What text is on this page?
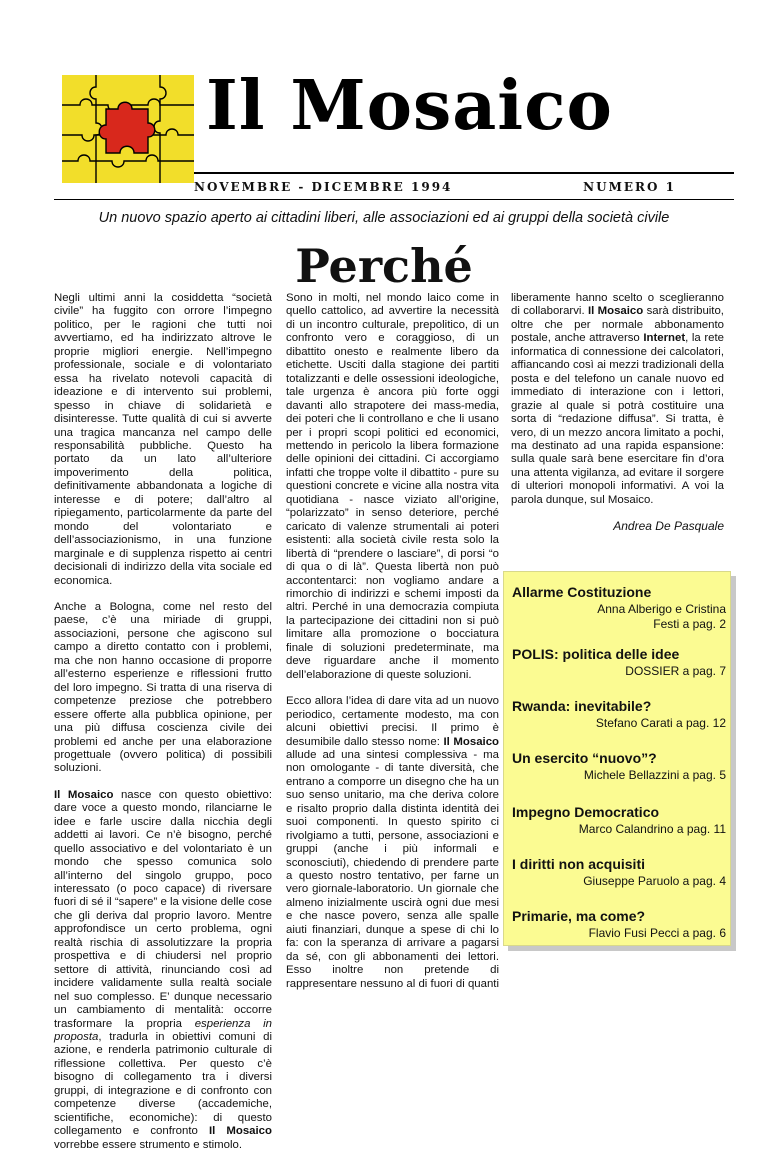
Il Mosaico
NOVEMBRE - DICEMBRE 1994	NUMERO 1
Un nuovo spazio aperto ai cittadini liberi, alle associazioni ed ai gruppi della società civile
Perché

Negli ultimi anni la cosiddetta “società civile” ha fuggito con orrore l’impegno politico, per le ragioni che tutti noi avvertiamo, ed ha indirizzato altrove le proprie migliori energie. Nell’impegno professionale, sociale e di volontariato essa ha rivelato notevoli capacità di ideazione e di intervento sui problemi, spesso in chiave di solidarietà e disinteresse. Tutte qualità di cui si avverte una tragica mancanza nel campo delle responsabilità pubbliche. Questo ha portato da un lato all’ulteriore impoverimento della politica, definitivamente abbandonata a logiche di interesse e di potere; dall’altro al ripiegamento, particolarmente da parte del mondo del volontariato e dell’associazionismo, in una funzione marginale e di supplenza rispetto ai centri decisionali di indirizzo della vita sociale ed economica.

Anche a Bologna, come nel resto del paese, c’è una miriade di gruppi, associazioni, persone che agiscono sul campo a diretto contatto con i problemi, ma che non hanno occasione di proporre all’esterno esperienze e riflessioni frutto del loro impegno. Si tratta di una riserva di competenze preziose che potrebbero essere offerte alla pubblica opinione, per una più diffusa coscienza civile dei problemi ed anche per una elaborazione progettuale (ovvero politica) di possibili soluzioni.

Il Mosaico nasce con questo obiettivo: dare voce a questo mondo, rilanciarne le idee e farle uscire dalla nicchia degli addetti ai lavori. Ce n’è bisogno, perché quello associativo e del volontariato è un mondo che spesso comunica solo all’interno del singolo gruppo, poco interessato (o poco capace) di riversare fuori di sé il “sapere” e la visione delle cose che gli deriva dal proprio lavoro. Mentre approfondisce un certo problema, ogni realtà rischia di assolutizzare la propria prospettiva e di chiudersi nel proprio settore di attività, rinunciando così ad incidere validamente sulla realtà sociale nel suo complesso. E’ dunque necessario un cambiamento di mentalità: occorre trasformare la propria esperienza in proposta, tradurla in obiettivi comuni di azione, e renderla patrimonio culturale di riflessione collettiva. Per questo c’è bisogno di collegamento tra i diversi gruppi, di integrazione e di confronto con competenze diverse (accademiche, scientifiche, economiche): di questo collegamento e confronto Il Mosaico vorrebbe essere strumento e stimolo.

Sono in molti, nel mondo laico come in quello cattolico, ad avvertire la necessità di un incontro culturale, prepolitico, di un confronto vero e coraggioso, di un dibattito onesto e realmente libero da etichette. Usciti dalla stagione dei partiti totalizzanti e delle ossessioni ideologiche, tale urgenza è ancora più forte oggi davanti allo strapotere dei mass-media, dei poteri che li controllano e che li usano per i propri scopi politici ed economici, mettendo in pericolo la libera formazione delle opinioni dei cittadini. Ci accorgiamo infatti che troppe volte il dibattito - pure su questioni concrete e vicine alla nostra vita quotidiana - nasce viziato all’origine, “polarizzato” in senso deteriore, perché caricato di valenze strumentali ai poteri esistenti: alla società civile resta solo la libertà di “prendere o lasciare”, di porsi “o di qua o di là”. Questa libertà non può accontentarci: non vogliamo andare a rimorchio di indirizzi e schemi imposti da altri. Perché in una democrazia compiuta la partecipazione dei cittadini non si può limitare alla promozione o bocciatura finale di soluzioni predeterminate, ma deve riguardare anche il momento dell’elaborazione di queste soluzioni.

Ecco allora l’idea di dare vita ad un nuovo periodico, certamente modesto, ma con alcuni obiettivi precisi. Il primo è desumibile dallo stesso nome: Il Mosaico allude ad una sintesi complessiva - ma non omologante - di tante diversità, che entrano a comporre un disegno che ha un suo senso unitario, ma che deriva colore e risalto proprio dalla distinta identità dei suoi componenti. In questo spirito ci rivolgiamo a tutti, persone, associazioni e gruppi (anche i più informali e sconosciuti), chiedendo di prendere parte a questo nostro tentativo, per farne un vero giornale-laboratorio. Un giornale che almeno inizialmente uscirà ogni due mesi e che nasce povero, senza alle spalle aiuti finanziari, dunque a spese di chi lo fa: con la speranza di arrivare a pagarsi da sé, con gli abbonamenti dei lettori. Esso inoltre non pretende di rappresentare nessuno al di fuori di quanti liberamente hanno scelto o sceglieranno di collaborarvi. Il Mosaico sarà distribuito, oltre che per normale abbonamento postale, anche attraverso Internet, la rete informatica di connessione dei calcolatori, affiancando così ai mezzi tradizionali della posta e del telefono un canale nuovo ed immediato di interazione con i lettori, grazie al quale si potrà costituire una sorta di “redazione diffusa”. Si tratta, è vero, di un mezzo ancora limitato a pochi, ma destinato ad una rapida espansione: sulla quale sarà bene esercitare fin d’ora una attenta vigilanza, ad evitare il sorgere di ulteriori monopoli informativi. A voi la parola dunque, sul Mosaico.

Andrea De Pasquale
Allarme Costituzione
Anna Alberigo e Cristina Festi a pag. 2
POLIS: politica delle idee
DOSSIER a pag. 7
Rwanda: inevitabile?
Stefano Carati a pag. 12
Un esercito “nuovo”?
Michele Bellazzini a pag. 5
Impegno Democratico
Marco Calandrino a pag. 11
I diritti non acquisiti
Giuseppe Paruolo a pag. 4
Primarie, ma come?
Flavio Fusi Pecci a pag. 6
